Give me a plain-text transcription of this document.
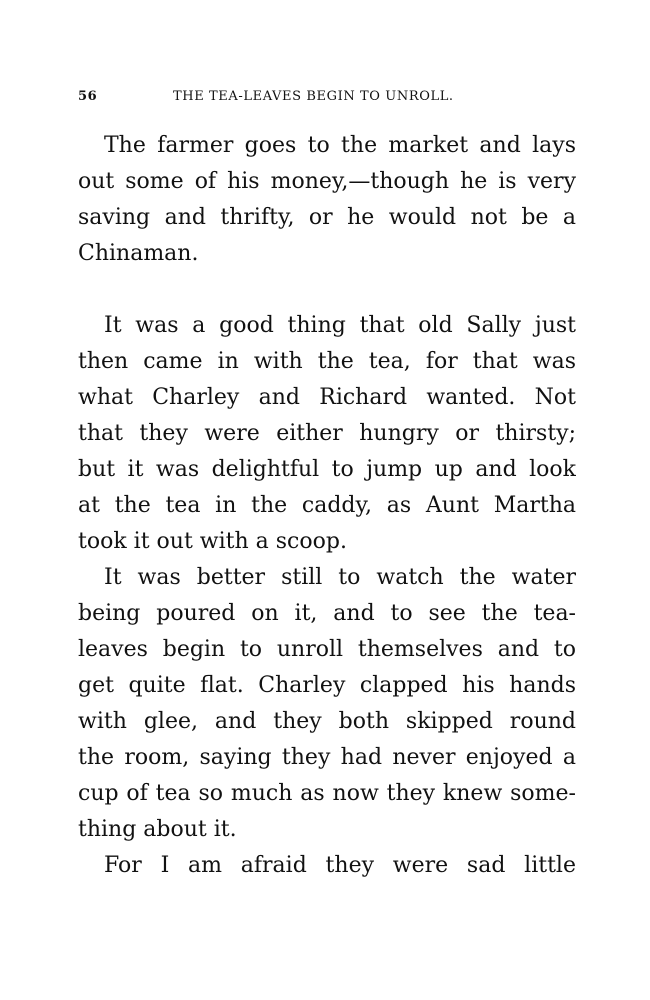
56	THE TEA-LEAVES BEGIN TO UNROLL.

The farmer goes to the market and lays
out some of his money,—though he is very
saving and thrifty, or he would not be a
Chinaman.

It was a good thing that old Sally just
then came in with the tea, for that was
what Charley and Richard wanted. Not
that they were either hungry or thirsty;
but it was delightful to jump up and look
at the tea in the caddy, as Aunt Martha
took it out with a scoop.

It was better still to watch the water
being poured on it, and to see the tea-
leaves begin to unroll themselves and to
get quite flat. Charley clapped his hands
with glee, and they both skipped round
the room, saying they had never enjoyed a
cup of tea so much as now they knew some-
thing about it.

For I am afraid they were sad little
